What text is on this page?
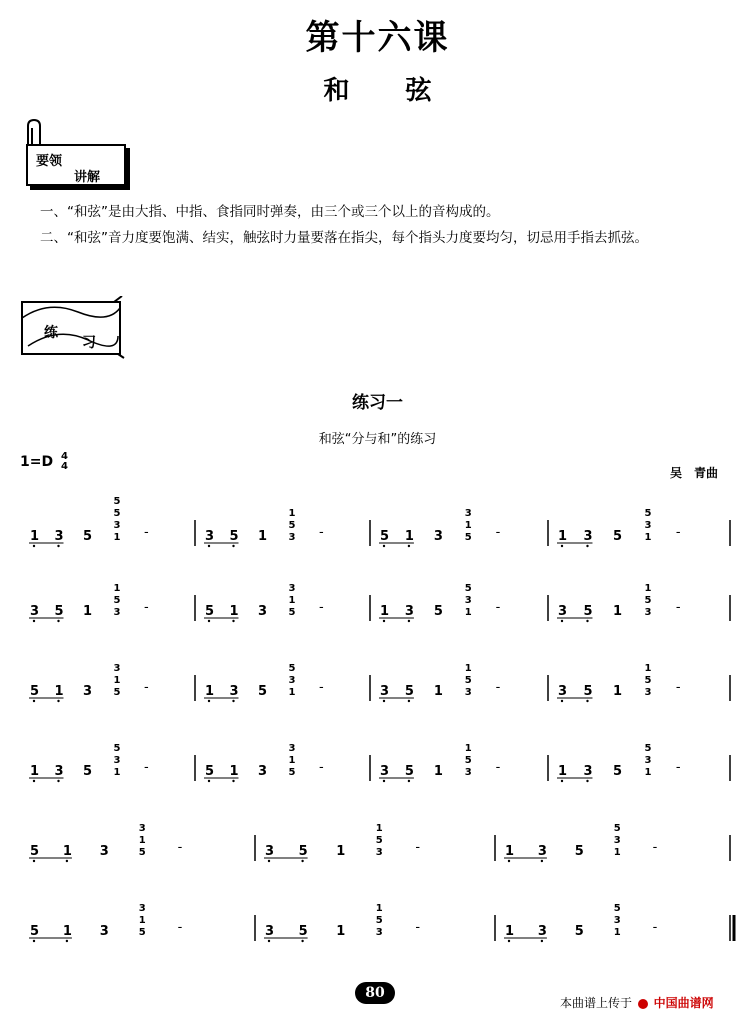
第十六课
和弦
要领
讲解
一、“和弦”是由大指、中指、食指同时弹奏，由三个或三个以上的音构成的。
二、“和弦”音力度要饱满、结实，触弦时力量要落在指尖，每个指头力度要均匀，切忌用手指去抓弦。
练
习
练习一
和弦“分与和”的练习
1=D 4
4	吴　青曲
1 3 5 1
3
5
5
-	3 5 1 3
5
1
-	5 1 3 5
1
3
-	1 3 5 1
3
5
-
3 5 1 3
5
1
-	5 1 3 5
1
3
-	1 3 5 1
3
5
-	3 5 1 3
5
1
-
5 1 3 5
1
3
-	1 3 5 1
3
5
-	3 5 1 3
5
1
-	3 5 1 3
5
1
-
1 3 5 1
3
5
-	5 1 3 5
1
3
-	3 5 1 3
5
1
-	1 3 5 1
3
5
-
5 1 3	5
1
3
-	3 5 1	3
5
1
-	1 3 5	1
3
5
-
5 1 3	5
1
3
-	3 5 1	3
5
1
-	1 3 5	1
3
5
-
80
本曲谱上传于 中国曲谱网
